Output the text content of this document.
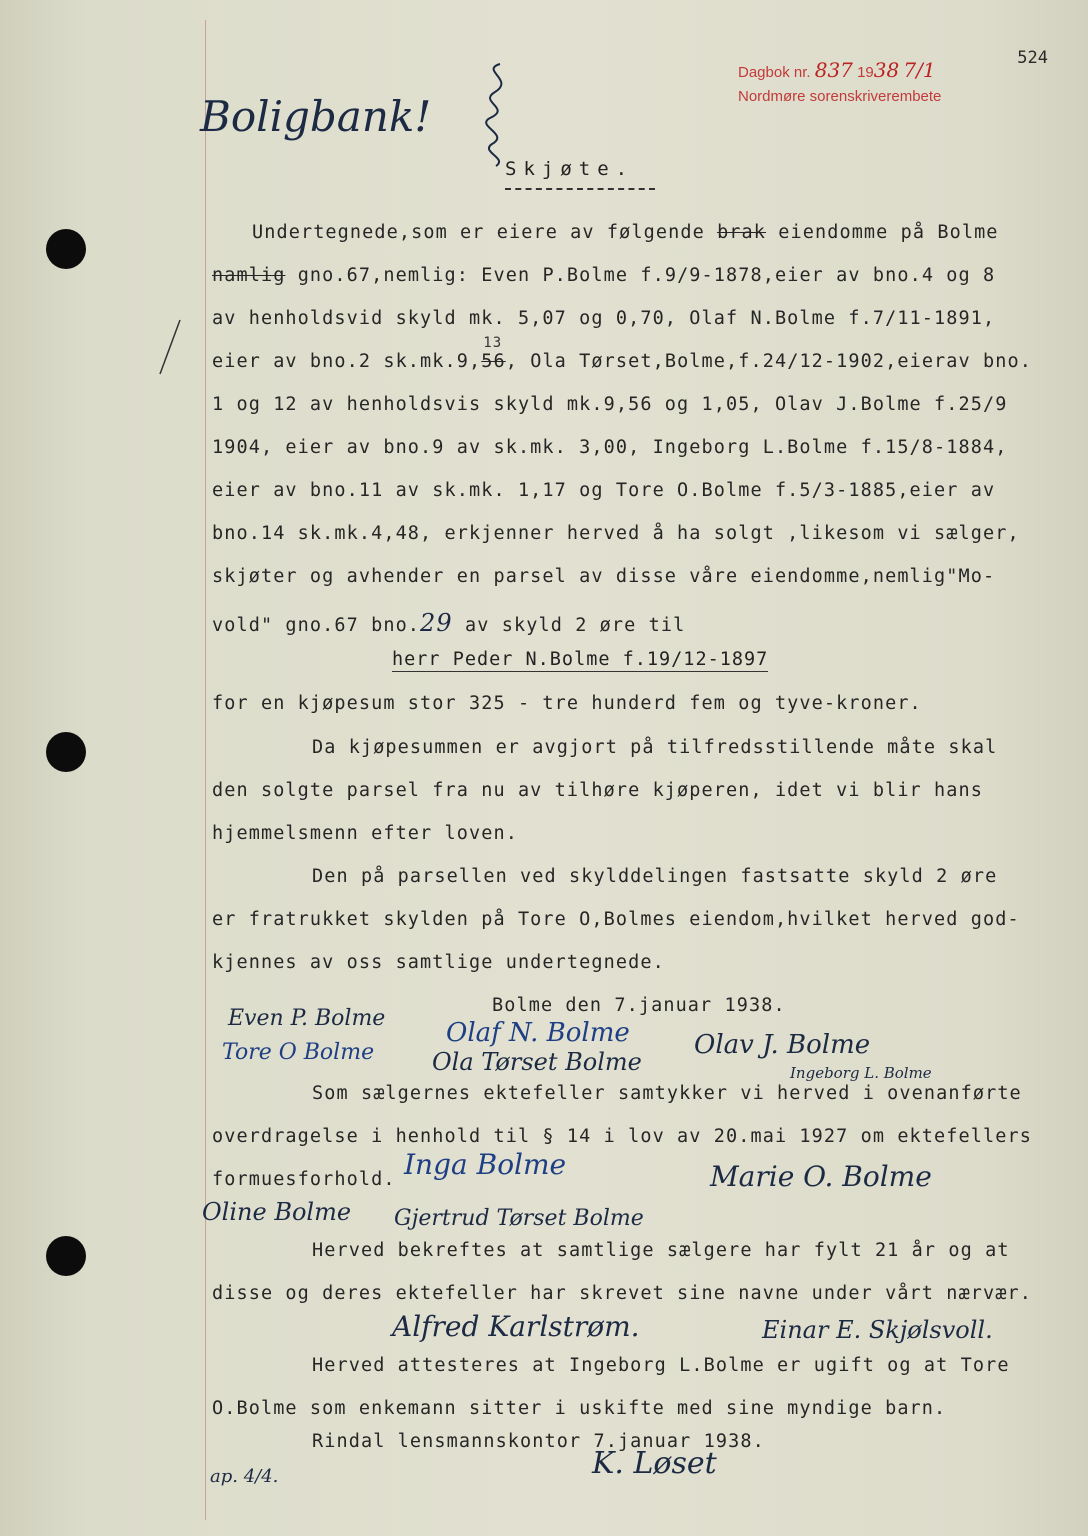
Boligbank!
Dagbok nr. 837 1938 7/1
Nordmøre sorenskriverembete
524
Skjøte.
Undertegnede,som er eiere av følgende brak eiendomme på Bolme
namlig gno.67,nemlig: Even P.Bolme f.9/9-1878,eier av bno.4 og 8
av henholdsvid skyld mk. 5,07 og 0,70, Olaf N.Bolme f.7/11-1891,
eier av bno.2 sk.mk.9,56
13
, Ola Tørset,Bolme,f.24/12-1902,eierav bno.
1 og 12 av henholdsvis skyld mk.9,56 og 1,05, Olav J.Bolme f.25/9
1904, eier av bno.9 av sk.mk. 3,00, Ingeborg L.Bolme f.15/8-1884,
eier av bno.11 av sk.mk. 1,17 og Tore O.Bolme f.5/3-1885,eier av
bno.14 sk.mk.4,48, erkjenner herved å ha solgt ,likesom vi sælger,
skjøter og avhender en parsel av disse våre eiendomme,nemlig"Mo-
vold" gno.67 bno.29 av skyld 2 øre til
herr Peder N.Bolme f.19/12-1897
for en kjøpesum stor 325 - tre hunderd fem og tyve-kroner.
Da kjøpesummen er avgjort på tilfredsstillende måte skal
den solgte parsel fra nu av tilhøre kjøperen, idet vi blir hans
hjemmelsmenn efter loven.
Den på parsellen ved skylddelingen fastsatte skyld 2 øre
er fratrukket skylden på Tore O,Bolmes eiendom,hvilket herved god-
kjennes av oss samtlige undertegnede.
Bolme den 7.januar 1938.
Even P. Bolme Olaf N. Bolme Olav J. Bolme
Tore O Bolme Ola Tørset Bolme	Ingeborg L. Bolme
Som sælgernes ektefeller samtykker vi herved i ovenanførte
overdragelse i henhold til § 14 i lov av 20.mai 1927 om ektefellers
formuesforhold. Inga Bolme	Marie O. Bolme
Oline Bolme Gjertrud Tørset Bolme
Herved bekreftes at samtlige sælgere har fylt 21 år og at
disse og deres ektefeller har skrevet sine navne under vårt nærvær.
Alfred Karlstrøm.	Einar E. Skjølsvoll.
Herved attesteres at Ingeborg L.Bolme er ugift og at Tore
O.Bolme som enkemann sitter i uskifte med sine myndige barn.
Rindal lensmannskontor 7.januar 1938.
ap. 4/4.	K. Løset
